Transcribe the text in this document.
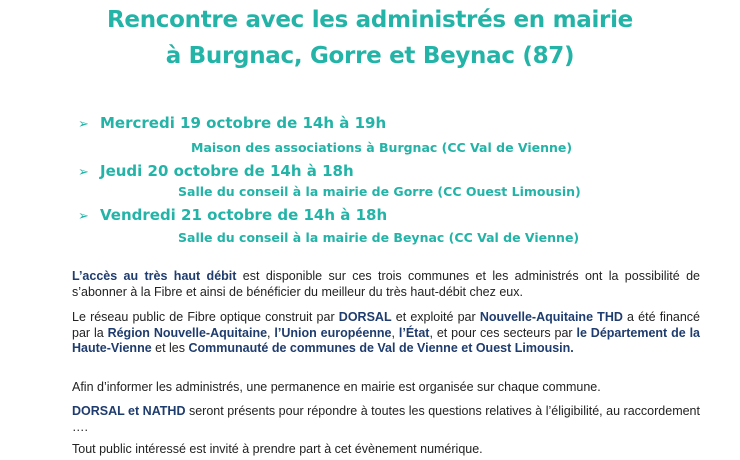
Rencontre avec les administrés en mairie
à Burgnac, Gorre et Beynac (87)
➢ Mercredi 19 octobre de 14h à 19h
Maison des associations à Burgnac (CC Val de Vienne)
➢ Jeudi 20 octobre de 14h à 18h
Salle du conseil à la mairie de Gorre (CC Ouest Limousin)
➢ Vendredi 21 octobre de 14h à 18h
Salle du conseil à la mairie de Beynac (CC Val de Vienne)
L’accès au très haut débit est disponible sur ces trois communes et les administrés ont la possibilité de s’abonner à la Fibre et ainsi de bénéficier du meilleur du très haut-débit chez eux.
Le réseau public de Fibre optique construit par DORSAL et exploité par Nouvelle-Aquitaine THD a été financé par la Région Nouvelle-Aquitaine, l’Union européenne, l’État, et pour ces secteurs par le Département de la Haute-Vienne et les Communauté de communes de Val de Vienne et Ouest Limousin.
Afin d’informer les administrés, une permanence en mairie est organisée sur chaque commune.
DORSAL et NATHD seront présents pour répondre à toutes les questions relatives à l’éligibilité, au raccordement ….
Tout public intéressé est invité à prendre part à cet évènement numérique.
